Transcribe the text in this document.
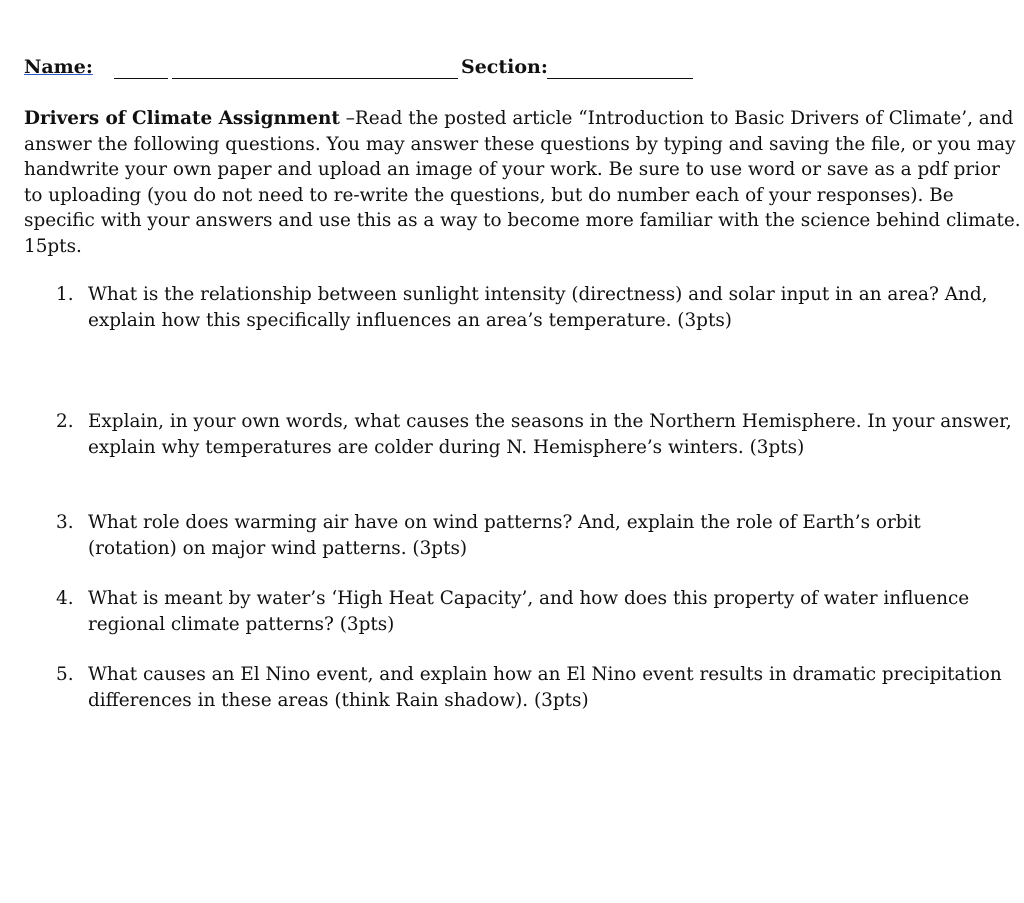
Name:	Section:
Drivers of Climate Assignment –Read the posted article “Introduction to Basic Drivers of Climate’, and
answer the following questions. You may answer these questions by typing and saving the file, or you may
handwrite your own paper and upload an image of your work. Be sure to use word or save as a pdf prior
to uploading (you do not need to re-write the questions, but do number each of your responses). Be
specific with your answers and use this as a way to become more familiar with the science behind climate.
15pts.
1. What is the relationship between sunlight intensity (directness) and solar input in an area? And,
explain how this specifically influences an area’s temperature. (3pts)
2. Explain, in your own words, what causes the seasons in the Northern Hemisphere. In your answer,
explain why temperatures are colder during N. Hemisphere’s winters. (3pts)
3. What role does warming air have on wind patterns? And, explain the role of Earth’s orbit
(rotation) on major wind patterns. (3pts)
4. What is meant by water’s ‘High Heat Capacity’, and how does this property of water influence
regional climate patterns? (3pts)
5. What causes an El Nino event, and explain how an El Nino event results in dramatic precipitation
differences in these areas (think Rain shadow). (3pts)
